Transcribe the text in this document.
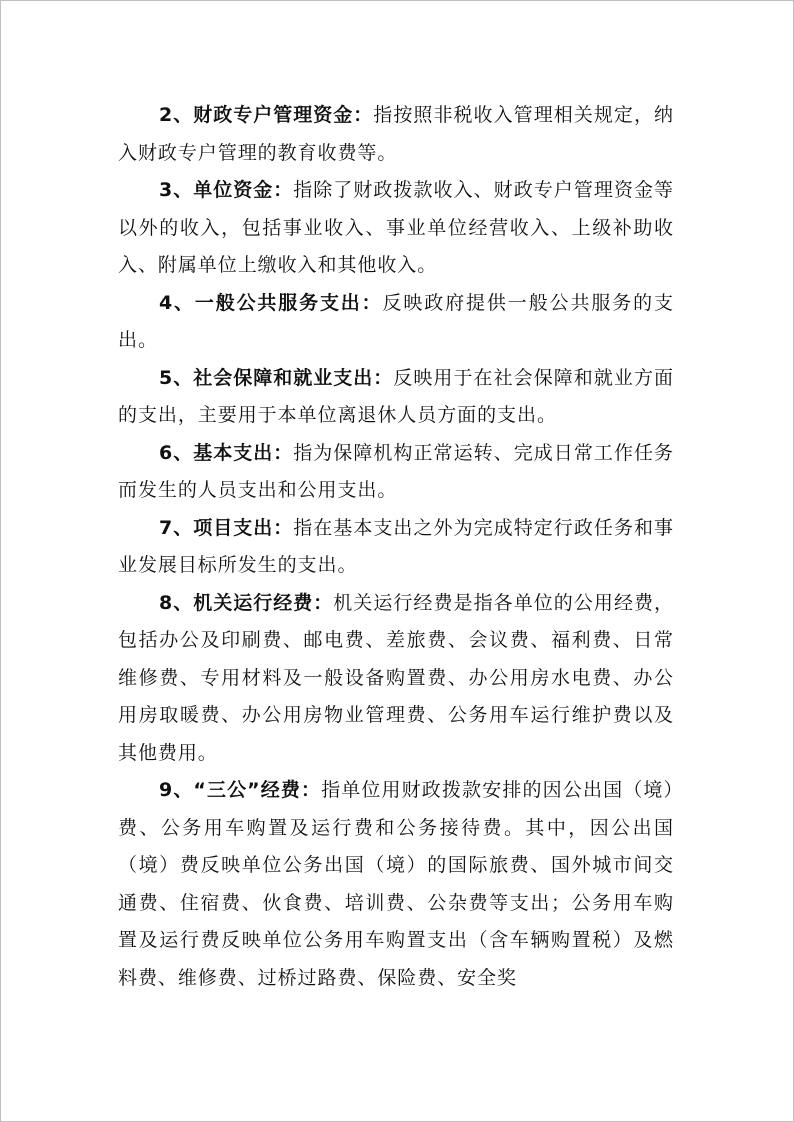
2、财政专户管理资金：指按照非税收入管理相关规定，纳入财政专户管理的教育收费等。

3、单位资金：指除了财政拨款收入、财政专户管理资金等以外的收入，包括事业收入、事业单位经营收入、上级补助收入、附属单位上缴收入和其他收入。

4、一般公共服务支出：反映政府提供一般公共服务的支出。

5、社会保障和就业支出：反映用于在社会保障和就业方面的支出，主要用于本单位离退休人员方面的支出。

6、基本支出：指为保障机构正常运转、完成日常工作任务而发生的人员支出和公用支出。

7、项目支出：指在基本支出之外为完成特定行政任务和事业发展目标所发生的支出。

8、机关运行经费：机关运行经费是指各单位的公用经费，包括办公及印刷费、邮电费、差旅费、会议费、福利费、日常维修费、专用材料及一般设备购置费、办公用房水电费、办公用房取暖费、办公用房物业管理费、公务用车运行维护费以及其他费用。

9、“三公”经费：指单位用财政拨款安排的因公出国（境）费、公务用车购置及运行费和公务接待费。其中，因公出国（境）费反映单位公务出国（境）的国际旅费、国外城市间交通费、住宿费、伙食费、培训费、公杂费等支出；公务用车购置及运行费反映单位公务用车购置支出（含车辆购置税）及燃料费、维修费、过桥过路费、保险费、安全奖
